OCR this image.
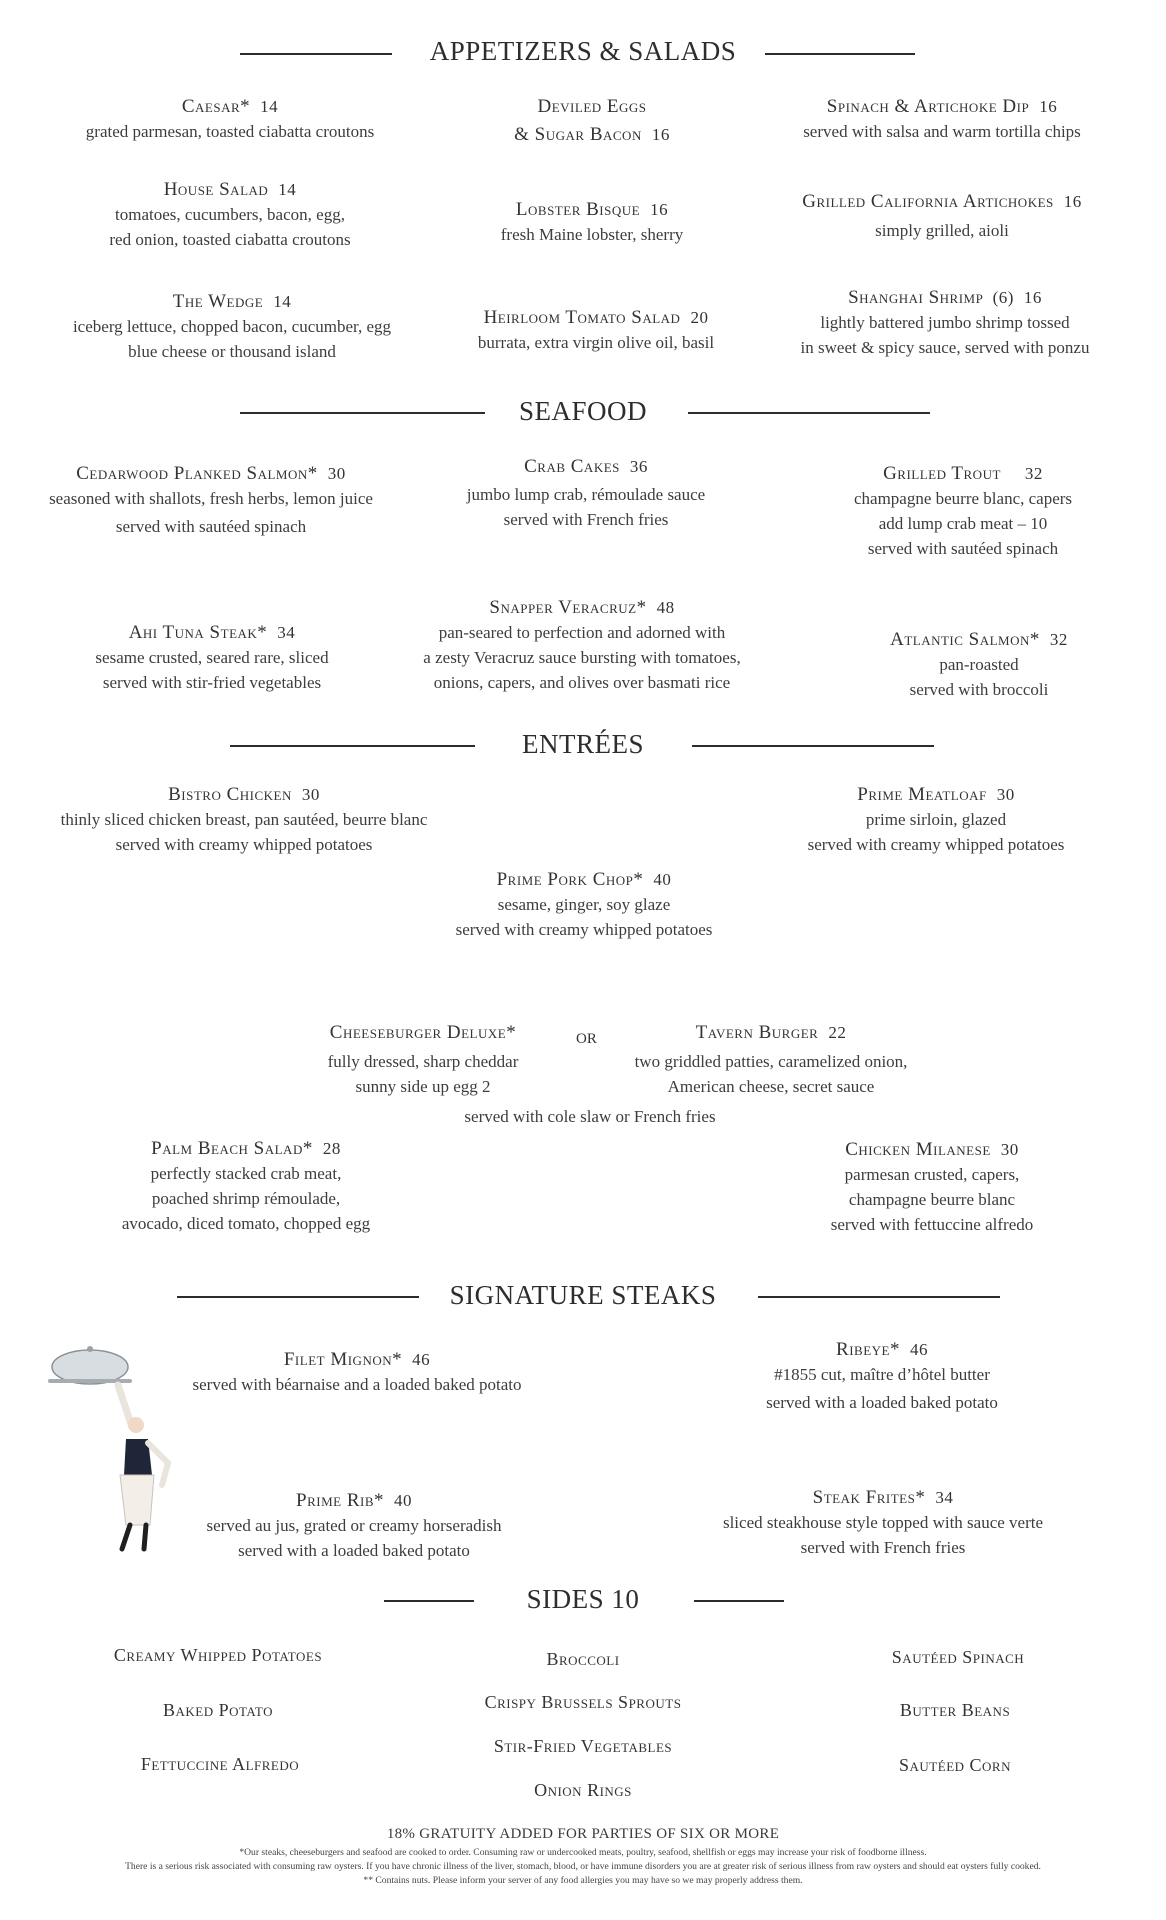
APPETIZERS & SALADS
Caesar* 14
grated parmesan, toasted ciabatta croutons
Deviled Eggs
& Sugar Bacon 16
Spinach & Artichoke Dip 16
served with salsa and warm tortilla chips
House Salad 14
tomatoes, cucumbers, bacon, egg,
red onion, toasted ciabatta croutons
Lobster Bisque 16
fresh Maine lobster, sherry
Grilled California Artichokes 16
simply grilled, aioli
The Wedge 14
iceberg lettuce, chopped bacon, cucumber, egg
blue cheese or thousand island
Heirloom Tomato Salad 20
burrata, extra virgin olive oil, basil
Shanghai Shrimp (6) 16
lightly battered jumbo shrimp tossed
in sweet & spicy sauce, served with ponzu
SEAFOOD
Cedarwood Planked Salmon* 30
seasoned with shallots, fresh herbs, lemon juice
served with sautéed spinach
Crab Cakes 36
jumbo lump crab, rémoulade sauce
served with French fries
Grilled Trout 32
champagne beurre blanc, capers
add lump crab meat – 10
served with sautéed spinach
Ahi Tuna Steak* 34
sesame crusted, seared rare, sliced
served with stir-fried vegetables
Snapper Veracruz* 48
pan-seared to perfection and adorned with
a zesty Veracruz sauce bursting with tomatoes,
onions, capers, and olives over basmati rice
Atlantic Salmon* 32
pan-roasted
served with broccoli
ENTRÉES
Bistro Chicken 30
thinly sliced chicken breast, pan sautéed, beurre blanc
served with creamy whipped potatoes
Prime Meatloaf 30
prime sirloin, glazed
served with creamy whipped potatoes
Prime Pork Chop* 40
sesame, ginger, soy glaze
served with creamy whipped potatoes
Cheeseburger Deluxe*
fully dressed, sharp cheddar
sunny side up egg 2
OR	Tavern Burger 22
two griddled patties, caramelized onion,
American cheese, secret sauce
served with cole slaw or French fries
Palm Beach Salad* 28
perfectly stacked crab meat,
poached shrimp rémoulade,
avocado, diced tomato, chopped egg
Chicken Milanese 30
parmesan crusted, capers,
champagne beurre blanc
served with fettuccine alfredo
SIGNATURE STEAKS
Filet Mignon* 46
served with béarnaise and a loaded baked potato
Ribeye* 46
#1855 cut, maître d’hôtel butter
served with a loaded baked potato
Prime Rib* 40
served au jus, grated or creamy horseradish
served with a loaded baked potato
Steak Frites* 34
sliced steakhouse style topped with sauce verte
served with French fries
SIDES 10
Creamy Whipped Potatoes
Baked Potato
Fettuccine Alfredo
Broccoli
Crispy Brussels Sprouts
Stir-Fried Vegetables
Onion Rings
Sautéed Spinach
Butter Beans
Sautéed Corn
18% GRATUITY ADDED FOR PARTIES OF SIX OR MORE
*Our steaks, cheeseburgers and seafood are cooked to order. Consuming raw or undercooked meats, poultry, seafood, shellfish or eggs may increase your risk of foodborne illness.
There is a serious risk associated with consuming raw oysters. If you have chronic illness of the liver, stomach, blood, or have immune disorders you are at greater risk of serious illness from raw oysters and should eat oysters fully cooked.
** Contains nuts. Please inform your server of any food allergies you may have so we may properly address them.
